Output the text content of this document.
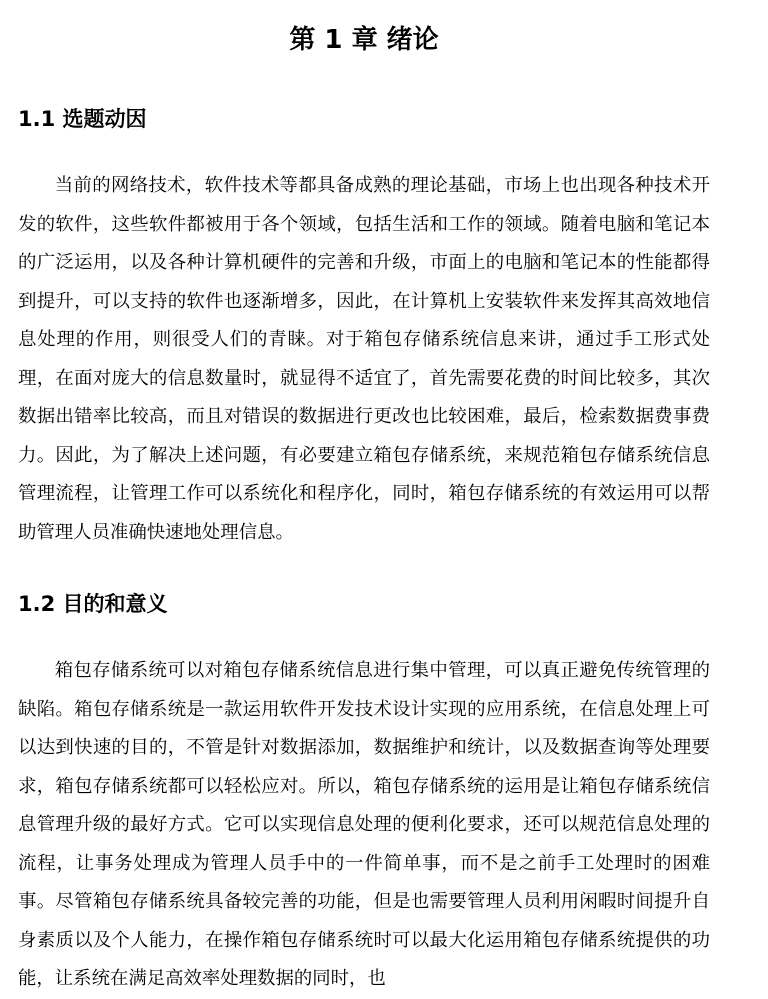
第 1 章 绪论
1.1 选题动因

当前的网络技术，软件技术等都具备成熟的理论基础，市场上也出现各种技术开发的软件，这些软件都被用于各个领域，包括生活和工作的领域。随着电脑和笔记本的广泛运用，以及各种计算机硬件的完善和升级，市面上的电脑和笔记本的性能都得到提升，可以支持的软件也逐渐增多，因此，在计算机上安装软件来发挥其高效地信息处理的作用，则很受人们的青睐。对于箱包存储系统信息来讲，通过手工形式处理，在面对庞大的信息数量时，就显得不适宜了，首先需要花费的时间比较多，其次数据出错率比较高，而且对错误的数据进行更改也比较困难，最后，检索数据费事费力。因此，为了解决上述问题，有必要建立箱包存储系统，来规范箱包存储系统信息管理流程，让管理工作可以系统化和程序化，同时，箱包存储系统的有效运用可以帮助管理人员准确快速地处理信息。

1.2 目的和意义

箱包存储系统可以对箱包存储系统信息进行集中管理，可以真正避免传统管理的缺陷。箱包存储系统是一款运用软件开发技术设计实现的应用系统，在信息处理上可以达到快速的目的，不管是针对数据添加，数据维护和统计，以及数据查询等处理要求，箱包存储系统都可以轻松应对。所以，箱包存储系统的运用是让箱包存储系统信息管理升级的最好方式。它可以实现信息处理的便利化要求，还可以规范信息处理的流程，让事务处理成为管理人员手中的一件简单事，而不是之前手工处理时的困难事。尽管箱包存储系统具备较完善的功能，但是也需要管理人员利用闲暇时间提升自身素质以及个人能力，在操作箱包存储系统时可以最大化运用箱包存储系统提供的功能，让系统在满足高效率处理数据的同时，也
